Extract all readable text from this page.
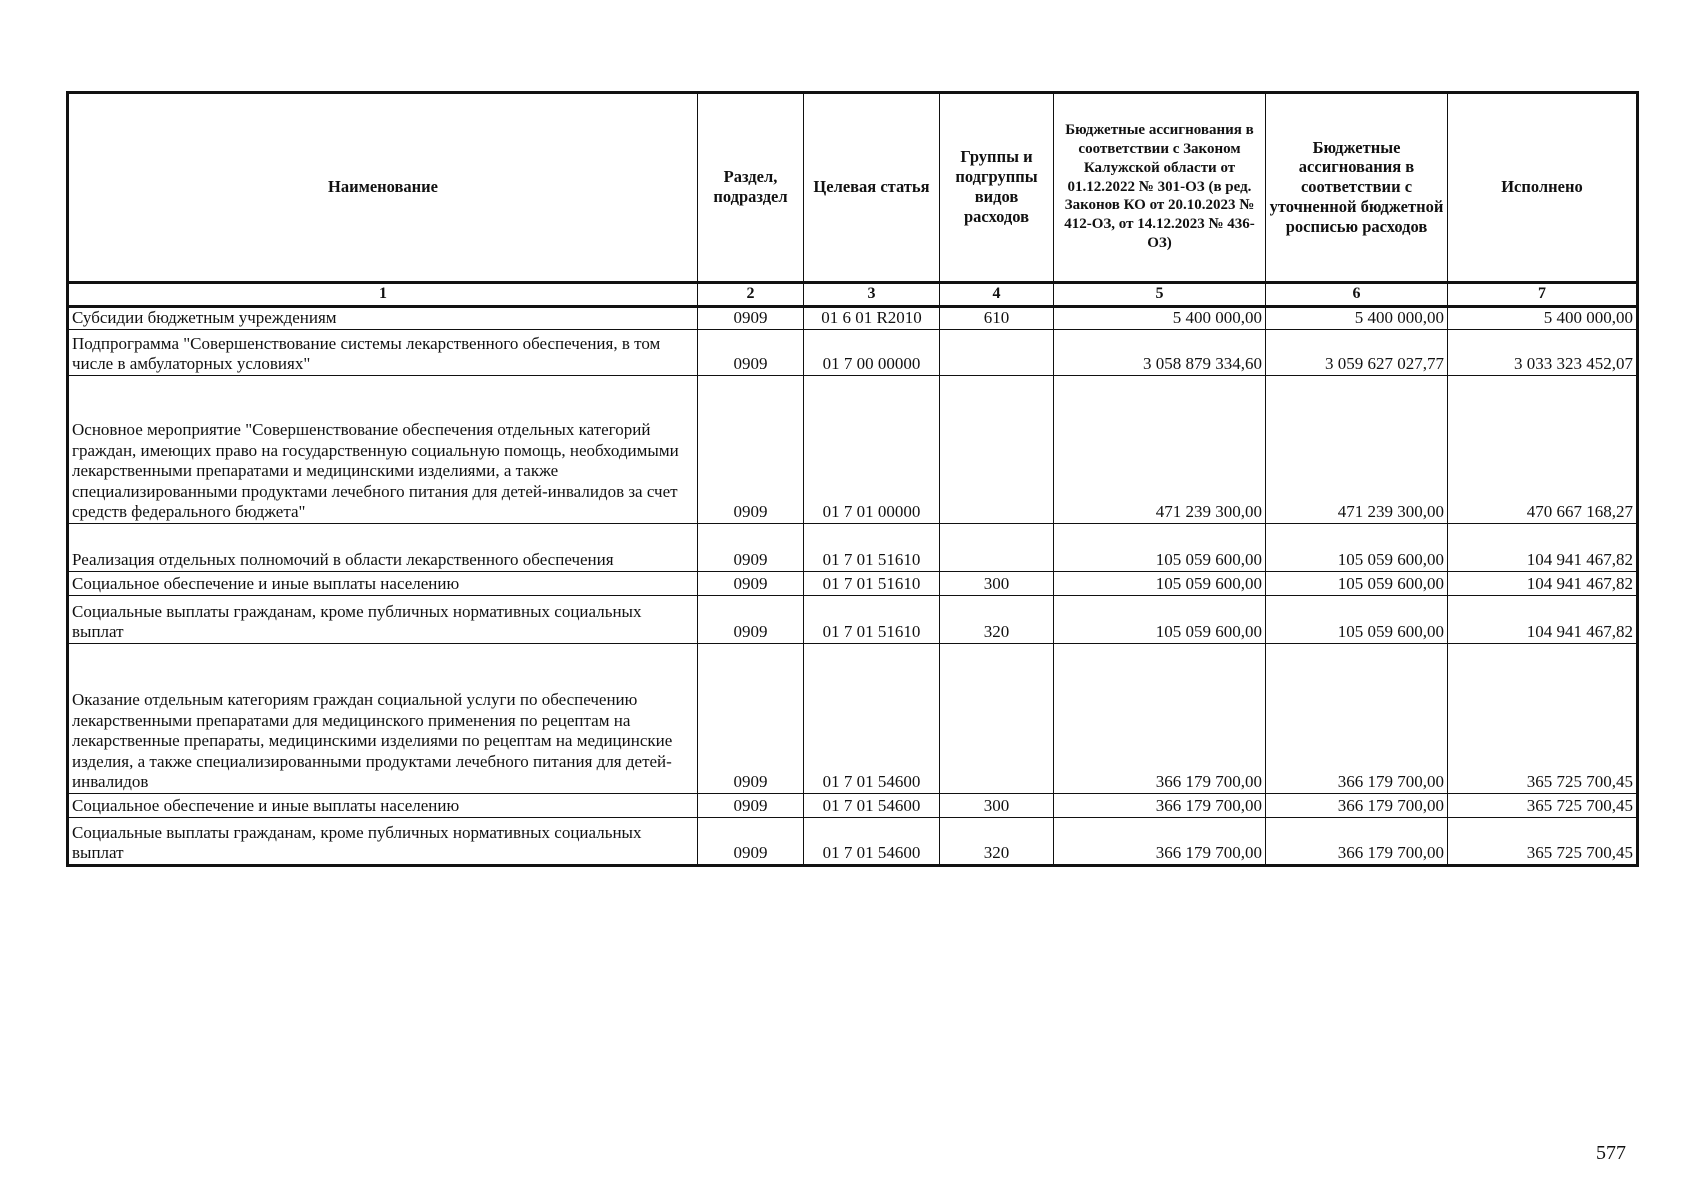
Наименование	Раздел, подраздел	Целевая статья	Группы и подгруппы видов расходов	Бюджетные ассигнования в соответствии с Законом Калужской области от 01.12.2022 № 301-ОЗ (в ред. Законов КО от 20.10.2023 № 412-ОЗ, от 14.12.2023 № 436-ОЗ)	Бюджетные ассигнования в соответствии с уточненной бюджетной росписью расходов	Исполнено
1	2	3	4	5	6	7
Субсидии бюджетным учреждениям	0909	01 6 01 R2010	610	5 400 000,00	5 400 000,00	5 400 000,00
Подпрограмма "Совершенствование системы лекарственного обеспечения, в том числе в амбулаторных условиях"	0909	01 7 00 00000		3 058 879 334,60	3 059 627 027,77	3 033 323 452,07
Основное мероприятие "Совершенствование обеспечения отдельных категорий граждан, имеющих право на государственную социальную помощь, необходимыми лекарственными препаратами и медицинскими изделиями, а также специализированными продуктами лечебного питания для детей-инвалидов за счет средств федерального бюджета"	0909	01 7 01 00000		471 239 300,00	471 239 300,00	470 667 168,27
Реализация отдельных полномочий в области лекарственного обеспечения	0909	01 7 01 51610		105 059 600,00	105 059 600,00	104 941 467,82
Социальное обеспечение и иные выплаты населению	0909	01 7 01 51610	300	105 059 600,00	105 059 600,00	104 941 467,82
Социальные выплаты гражданам, кроме публичных нормативных социальных выплат	0909	01 7 01 51610	320	105 059 600,00	105 059 600,00	104 941 467,82
Оказание отдельным категориям граждан социальной услуги по обеспечению лекарственными препаратами для медицинского применения по рецептам на лекарственные препараты, медицинскими изделиями по рецептам на медицинские изделия, а также специализированными продуктами лечебного питания для детей-инвалидов	0909	01 7 01 54600		366 179 700,00	366 179 700,00	365 725 700,45
Социальное обеспечение и иные выплаты населению	0909	01 7 01 54600	300	366 179 700,00	366 179 700,00	365 725 700,45
Социальные выплаты гражданам, кроме публичных нормативных социальных выплат	0909	01 7 01 54600	320	366 179 700,00	366 179 700,00	365 725 700,45
577
